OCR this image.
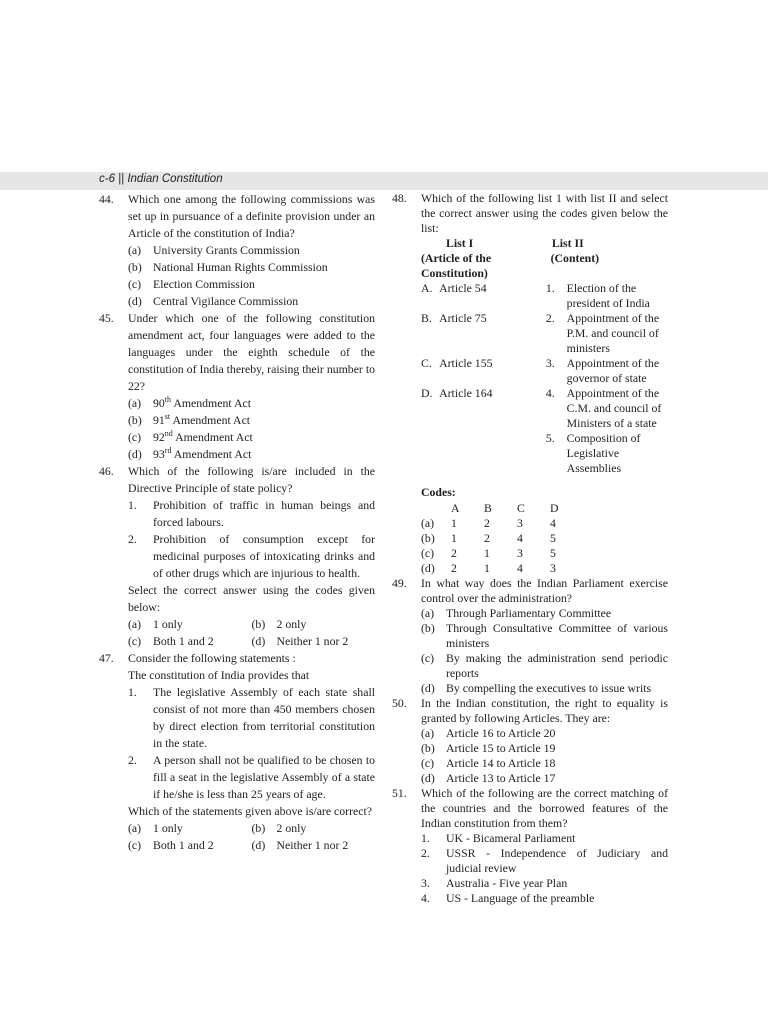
c-6 || Indian Constitution
44. Which one among the following commissions was set up in pursuance of a definite provision under an Article of the constitution of India?
(a) University Grants Commission
(b) National Human Rights Commission
(c) Election Commission
(d) Central Vigilance Commission
45. Under which one of the following constitution amendment act, four languages were added to the languages under the eighth schedule of the constitution of India thereby, raising their number to 22?
(a) 90th Amendment Act
(b) 91st Amendment Act
(c) 92nd Amendment Act
(d) 93rd Amendment Act
46. Which of the following is/are included in the Directive Principle of state policy?
1. Prohibition of traffic in human beings and forced labours.
2. Prohibition of consumption except for medicinal purposes of intoxicating drinks and of other drugs which are injurious to health.
Select the correct answer using the codes given below:
(a) 1 only	(b) 2 only
(c) Both 1 and 2	(d) Neither 1 nor 2
47. Consider the following statements :
The constitution of India provides that
1. The legislative Assembly of each state shall consist of not more than 450 members chosen by direct election from territorial constitution in the state.
2. A person shall not be qualified to be chosen to fill a seat in the legislative Assembly of a state if he/she is less than 25 years of age.
Which of the statements given above is/are correct?
(a) 1 only	(b) 2 only
(c) Both 1 and 2	(d) Neither 1 nor 2
48. Which of the following list 1 with list II and select the correct answer using the codes given below the list:
List I	List II
(Article of the Constitution)
(Content)
A. Article 54	1.	Election of the president of India
B. Article 75	2.	Appointment of the P.M. and council of ministers
C. Article 155	3.	Appointment of the governor of state
D. Article 164	4.	Appointment of the C.M. and council of Ministers of a state
5.	Composition of Legislative Assemblies
Codes:
A	B	C	D
(a)	1	2	3	4
(b)	1	2	4	5
(c)	2	1	3	5
(d)	2	1	4	3
49. In what way does the Indian Parliament exercise control over the administration?
(a) Through Parliamentary Committee
(b) Through Consultative Committee of various ministers
(c) By making the administration send periodic reports
(d) By compelling the executives to issue writs
50. In the Indian constitution, the right to equality is granted by following Articles. They are:
(a) Article 16 to Article 20
(b) Article 15 to Article 19
(c) Article 14 to Article 18
(d) Article 13 to Article 17
51. Which of the following are the correct matching of the countries and the borrowed features of the Indian constitution from them?
1. UK - Bicameral Parliament
2. USSR - Independence of Judiciary and judicial review
3. Australia - Five year Plan
4. US - Language of the preamble
